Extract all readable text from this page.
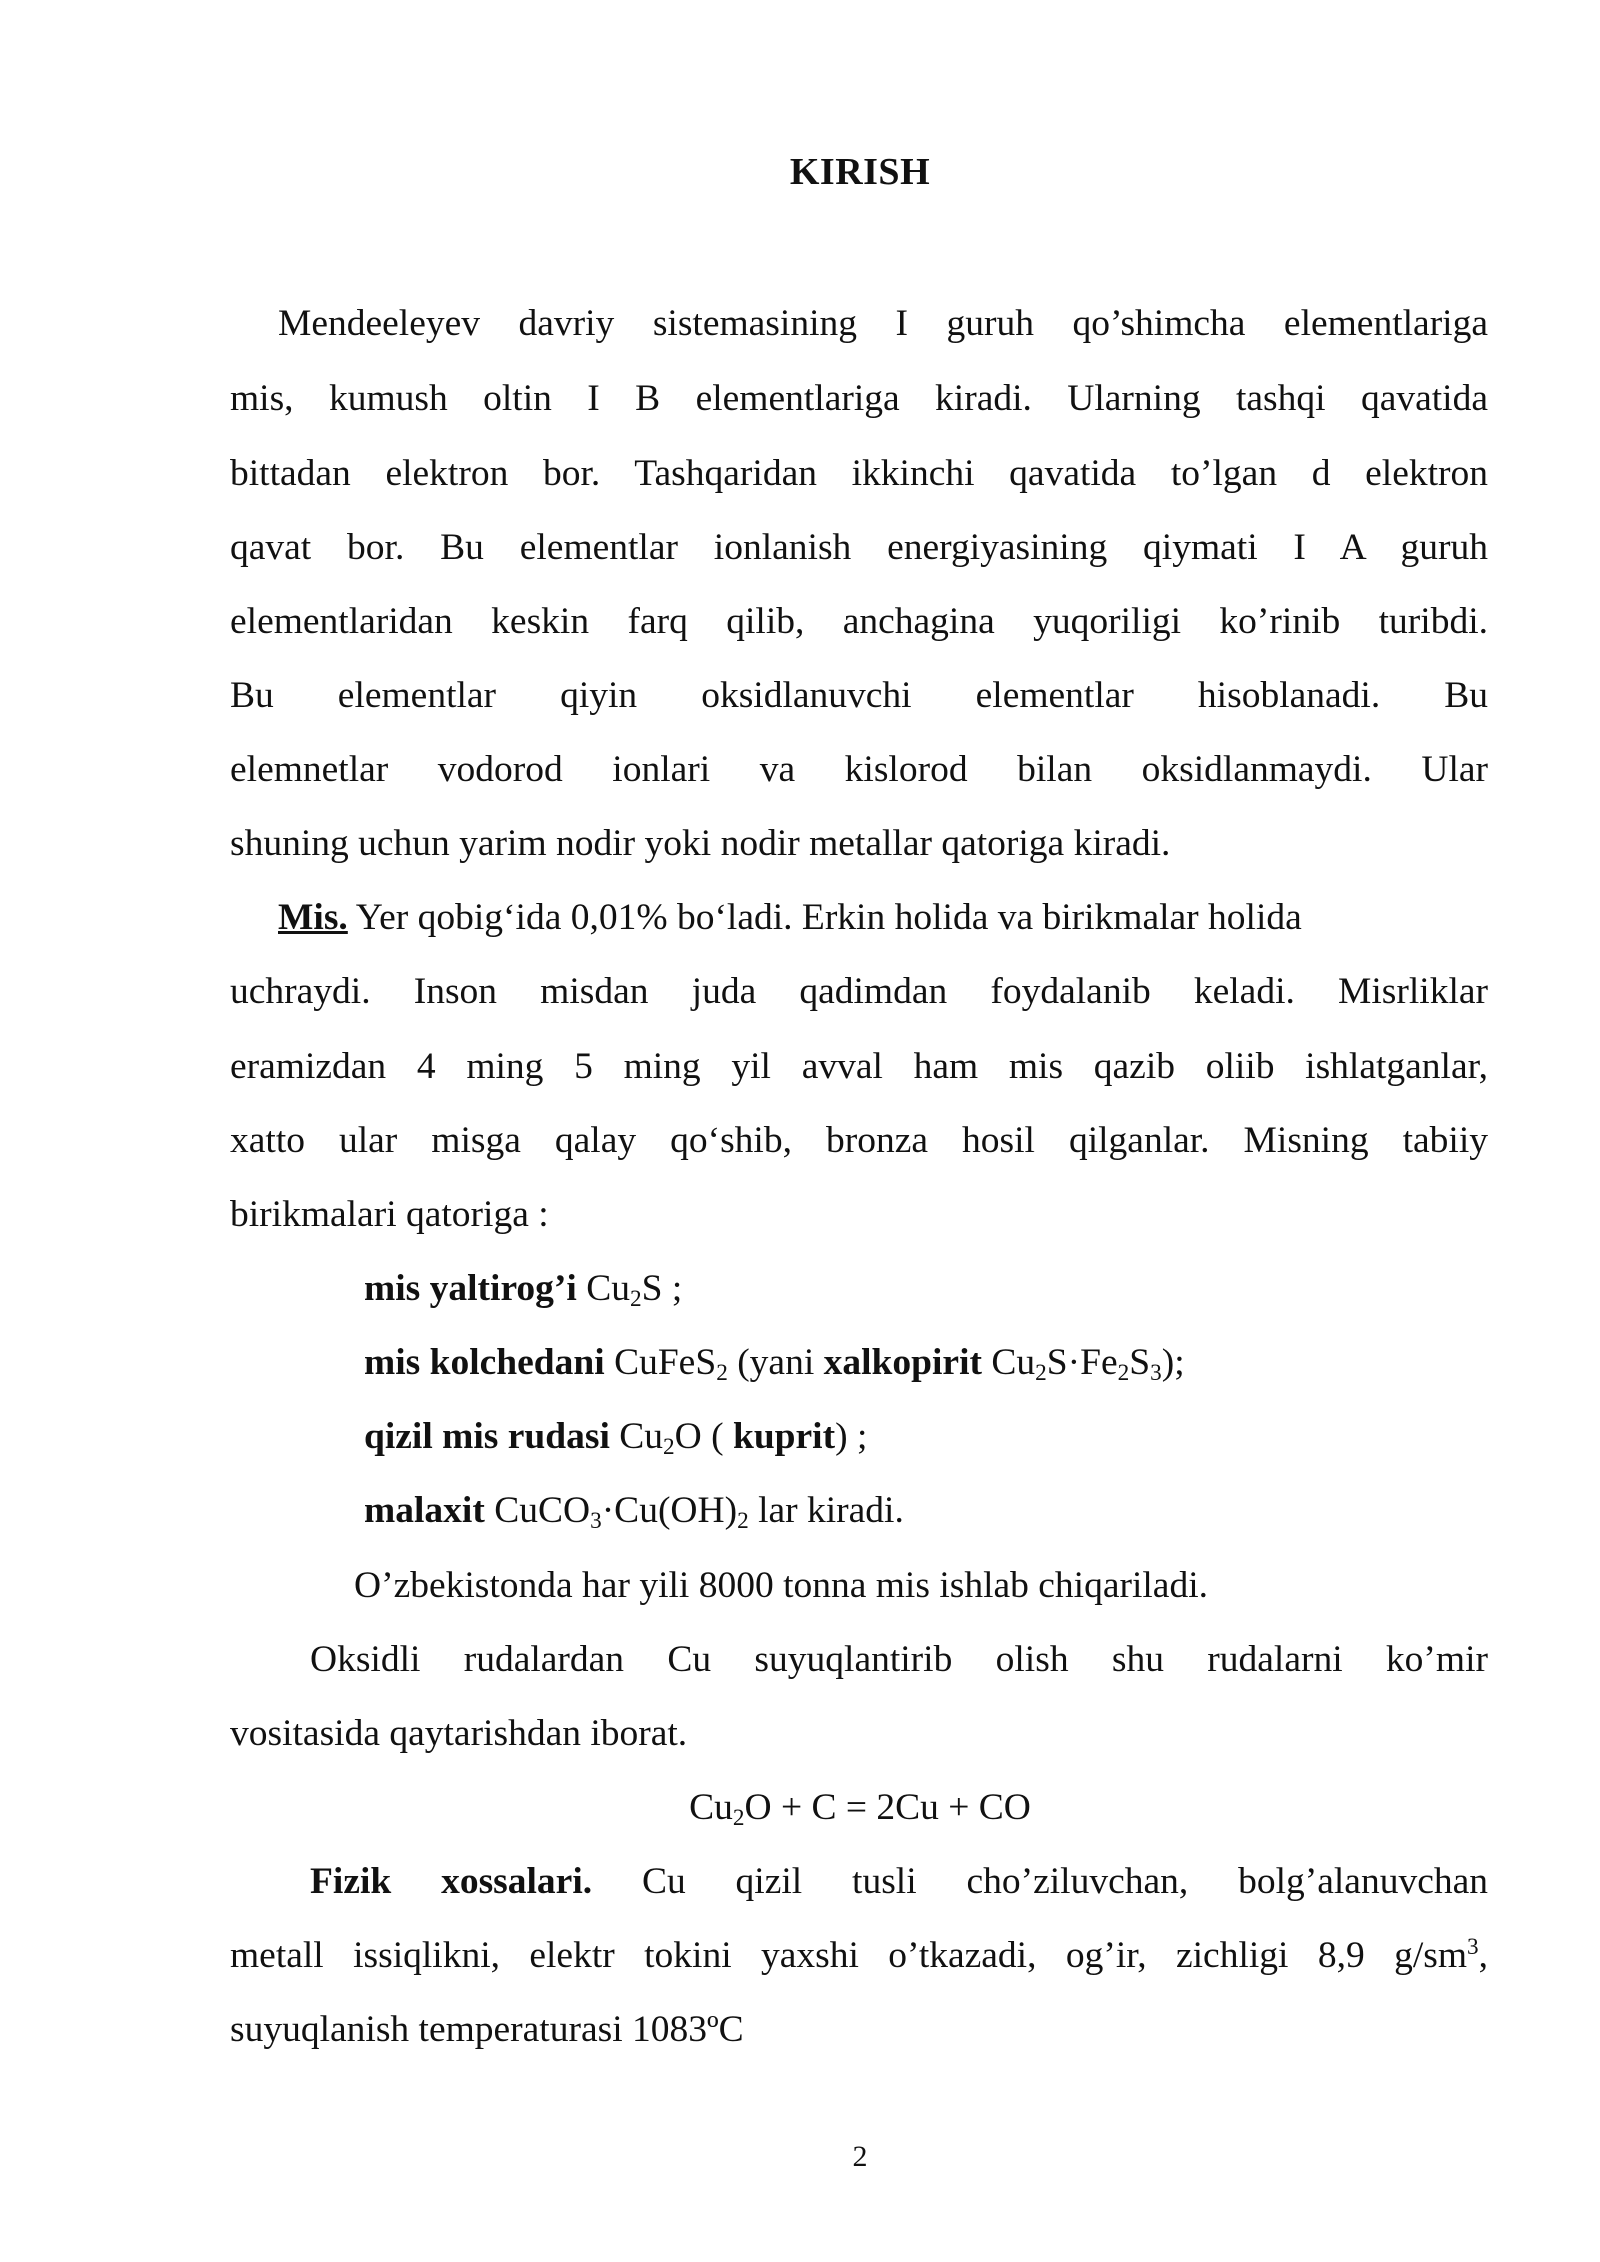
KIRISH
Mendeeleyev davriy sistemasining I guruh qo’shimcha elementlariga
mis, kumush oltin I B elementlariga kiradi. Ularning tashqi qavatida
bittadan elektron bor. Tashqaridan ikkinchi qavatida to’lgan d elektron
qavat bor. Bu elementlar ionlanish energiyasining qiymati I A guruh
elementlaridan keskin farq qilib, anchagina yuqoriligi ko’rinib turibdi.
Bu elementlar qiyin oksidlanuvchi elementlar hisoblanadi. Bu
elemnetlar vodorod ionlari va kislorod bilan oksidlanmaydi. Ular
shuning uchun yarim nodir yoki nodir metallar qatoriga kiradi.
Mis. Yer qobig‘ida 0,01% bo‘ladi. Erkin holida va birikmalar holida
uchraydi. Inson misdan juda qadimdan foydalanib keladi. Misrliklar
eramizdan 4 ming 5 ming yil avval ham mis qazib oliib ishlatganlar,
xatto ular misga qalay qo‘shib, bronza hosil qilganlar. Misning tabiiy
birikmalari qatoriga :
mis yaltirog’i $Cu_2S$ ;
mis kolchedani CuFeS$_2$ (yani xalkopirit $Cu_2S\cdot Fe_2S_3$);
qizil mis rudasi $Cu_2O$ ( kuprit) ;
malaxit $CuCO_3\cdot Cu(OH)_2$ lar kiradi.
O’zbekistonda har yili 8000 tonna mis ishlab chiqariladi.
Oksidli rudalardan Cu suyuqlantirib olish shu rudalarni ko’mir
vositasida qaytarishdan iborat.
$Cu_2O + C = 2Cu$ + CO
Fizik xossalari. Cu qizil tusli cho’ziluvchan, bolg’alanuvchan
metall issiqlikni, elektr tokini yaxshi o’tkazadi, og’ir, zichligi 8,9 $g/sm^3$,
suyuqlanish temperaturasi 1083ºC
2
